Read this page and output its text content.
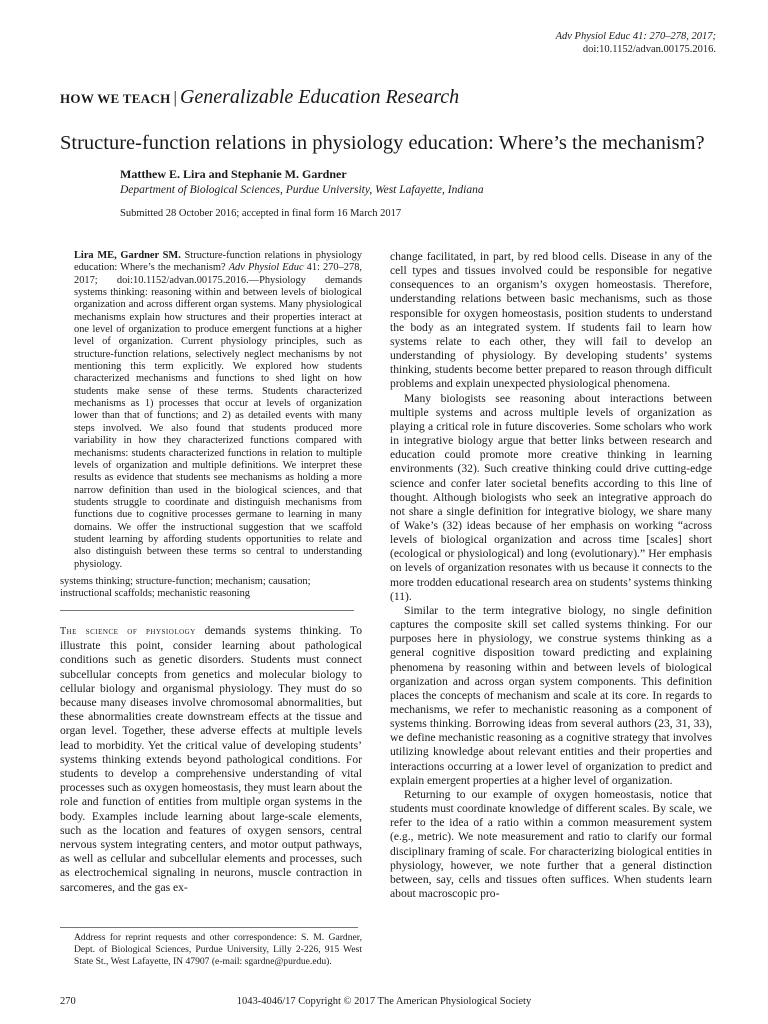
Adv Physiol Educ 41: 270–278, 2017;
doi:10.1152/advan.00175.2016.
HOW WE TEACH | Generalizable Education Research
Structure-function relations in physiology education: Where’s the mechanism?
Matthew E. Lira and Stephanie M. Gardner
Department of Biological Sciences, Purdue University, West Lafayette, Indiana
Submitted 28 October 2016; accepted in final form 16 March 2017

Lira ME, Gardner SM. Structure-function relations in physiology education: Where’s the mechanism? Adv Physiol Educ 41: 270–278, 2017; doi:10.1152/advan.00175.2016.—Physiology demands systems thinking: reasoning within and between levels of biological organization and across different organ systems. Many physiological mechanisms explain how structures and their properties interact at one level of organization to produce emergent functions at a higher level of organization. Current physiology principles, such as structure-function relations, selectively neglect mechanisms by not mentioning this term explicitly. We explored how students characterized mechanisms and functions to shed light on how students make sense of these terms. Students characterized mechanisms as 1) processes that occur at levels of organization lower than that of functions; and 2) as detailed events with many steps involved. We also found that students produced more variability in how they characterized functions compared with mechanisms: students characterized functions in relation to multiple levels of organization and multiple definitions. We interpret these results as evidence that students see mechanisms as holding a more narrow definition than used in the biological sciences, and that students struggle to coordinate and distinguish mechanisms from functions due to cognitive processes germane to learning in many domains. We offer the instructional suggestion that we scaffold student learning by affording students opportunities to relate and also distinguish between these terms so central to understanding physiology.

systems thinking; structure-function; mechanism; causation; instructional scaffolds; mechanistic reasoning

The science of physiology demands systems thinking. To illustrate this point, consider learning about pathological conditions such as genetic disorders. Students must connect subcellular concepts from genetics and molecular biology to cellular biology and organismal physiology. They must do so because many diseases involve chromosomal abnormalities, but these abnormalities create downstream effects at the tissue and organ level. Together, these adverse effects at multiple levels lead to morbidity. Yet the critical value of developing students’ systems thinking extends beyond pathological conditions. For students to develop a comprehensive understanding of vital processes such as oxygen homeostasis, they must learn about the role and function of entities from multiple organ systems in the body. Examples include learning about large-scale elements, such as the location and features of oxygen sensors, central nervous system integrating centers, and motor output pathways, as well as cellular and subcellular elements and processes, such as electrochemical signaling in neurons, muscle contraction in sarcomeres, and the gas ex-

Address for reprint requests and other correspondence: S. M. Gardner, Dept. of Biological Sciences, Purdue University, Lilly 2-226, 915 West State St., West Lafayette, IN 47907 (e-mail: sgardne@purdue.edu).

change facilitated, in part, by red blood cells. Disease in any of the cell types and tissues involved could be responsible for negative consequences to an organism’s oxygen homeostasis. Therefore, understanding relations between basic mechanisms, such as those responsible for oxygen homeostasis, position students to understand the body as an integrated system. If students fail to learn how systems relate to each other, they will fail to develop an understanding of physiology. By developing students’ systems thinking, students become better prepared to reason through difficult problems and explain unexpected physiological phenomena.

Many biologists see reasoning about interactions between multiple systems and across multiple levels of organization as playing a critical role in future discoveries. Some scholars who work in integrative biology argue that better links between research and education could promote more creative thinking in learning environments (32). Such creative thinking could drive cutting-edge science and confer later societal benefits according to this line of thought. Although biologists who seek an integrative approach do not share a single definition for integrative biology, we share many of Wake’s (32) ideas because of her emphasis on working “across levels of biological organization and across time [scales] short (ecological or physiological) and long (evolutionary).” Her emphasis on levels of organization resonates with us because it connects to the more trodden educational research area on students’ systems thinking (11).

Similar to the term integrative biology, no single definition captures the composite skill set called systems thinking. For our purposes here in physiology, we construe systems thinking as a general cognitive disposition toward predicting and explaining phenomena by reasoning within and between levels of biological organization and across organ system components. This definition places the concepts of mechanism and scale at its core. In regards to mechanisms, we refer to mechanistic reasoning as a component of systems thinking. Borrowing ideas from several authors (23, 31, 33), we define mechanistic reasoning as a cognitive strategy that involves utilizing knowledge about relevant entities and their properties and interactions occurring at a lower level of organization to predict and explain emergent properties at a higher level of organization.

Returning to our example of oxygen homeostasis, notice that students must coordinate knowledge of different scales. By scale, we refer to the idea of a ratio within a common measurement system (e.g., metric). We note measurement and ratio to clarify our formal disciplinary framing of scale. For characterizing biological entities in physiology, however, we note further that a general distinction between, say, cells and tissues often suffices. When students learn about macroscopic pro-

1043-4046/17 Copyright © 2017 The American Physiological Society
270
